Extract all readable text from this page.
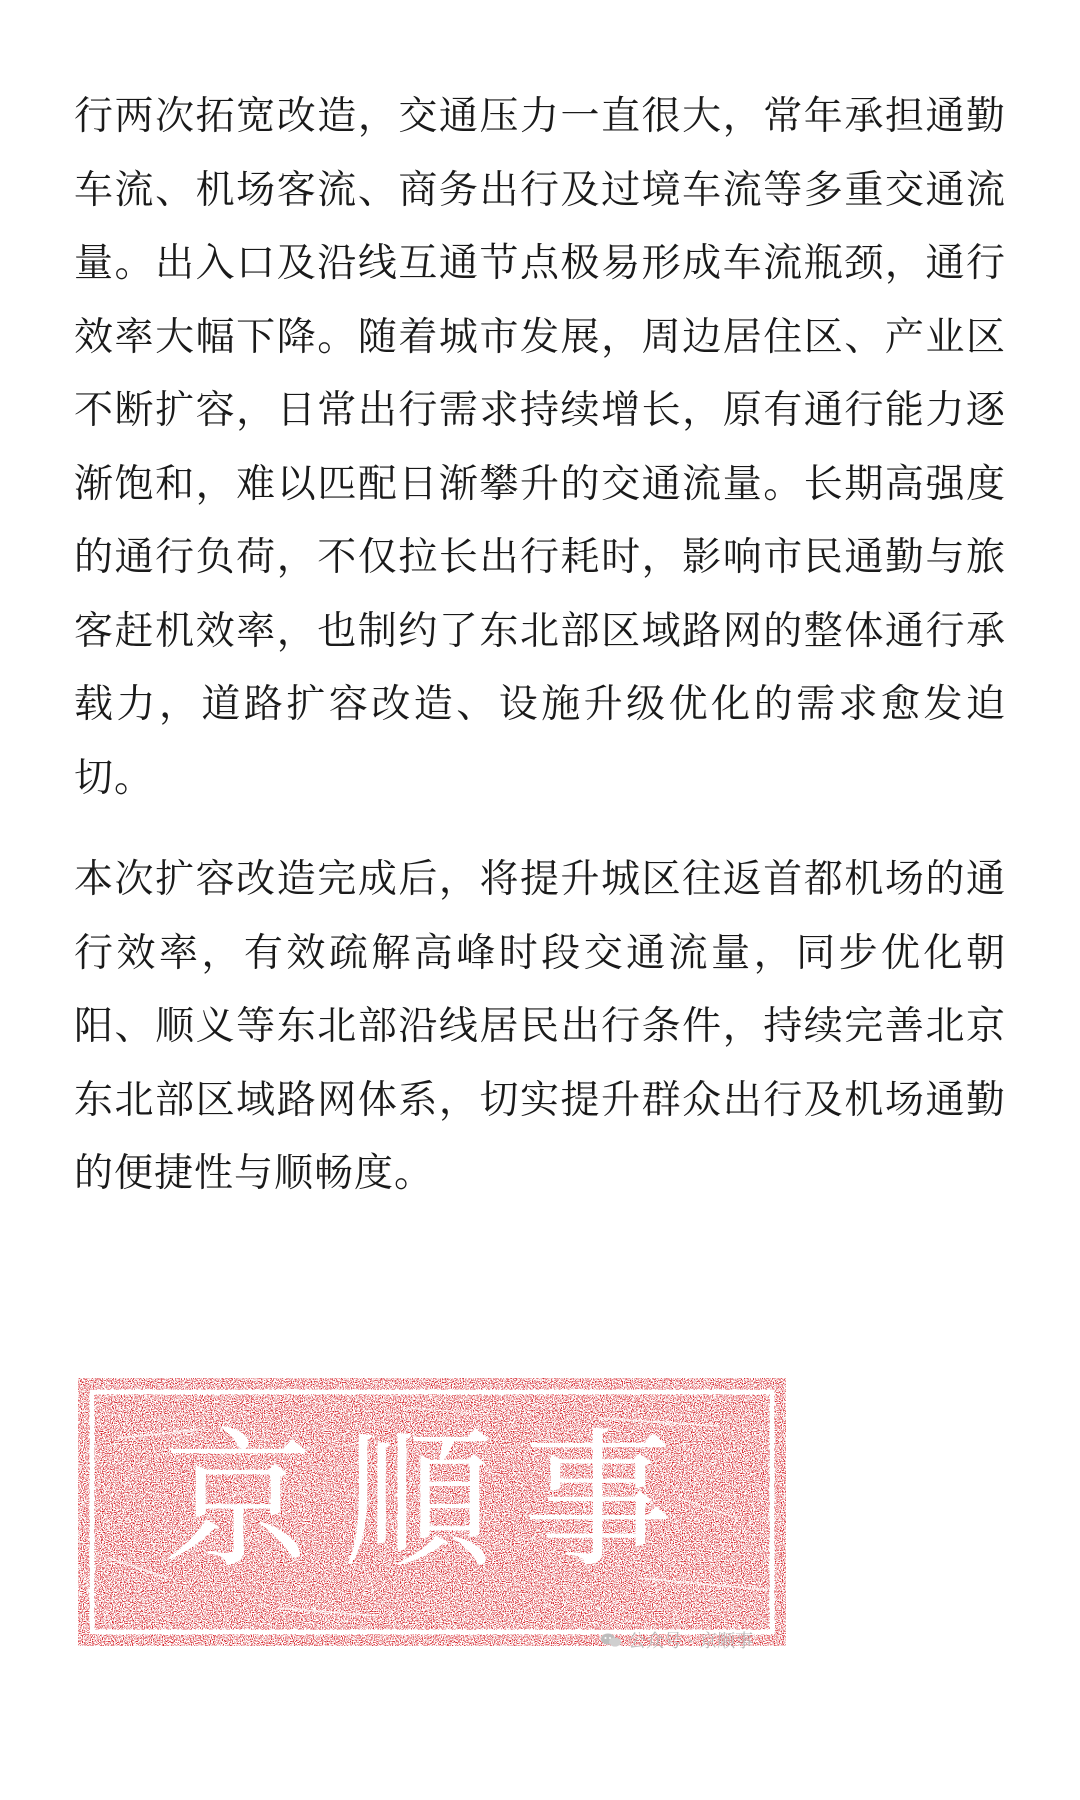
行两次拓宽改造，交通压力一直很大，常年承担通勤车流、机场客流、商务出行及过境车流等多重交通流量。出入口及沿线互通节点极易形成车流瓶颈，通行效率大幅下降。随着城市发展，周边居住区、产业区不断扩容，日常出行需求持续增长，原有通行能力逐渐饱和，难以匹配日渐攀升的交通流量。长期高强度的通行负荷，不仅拉长出行耗时，影响市民通勤与旅客赶机效率，也制约了东北部区域路网的整体通行承载力，道路扩容改造、设施升级优化的需求愈发迫切。

本次扩容改造完成后，将提升城区往返首都机场的通行效率，有效疏解高峰时段交通流量，同步优化朝阳、顺义等东北部沿线居民出行条件，持续完善北京东北部区域路网体系，切实提升群众出行及机场通勤的便捷性与顺畅度。

京順事
公众号 · 京顺事
